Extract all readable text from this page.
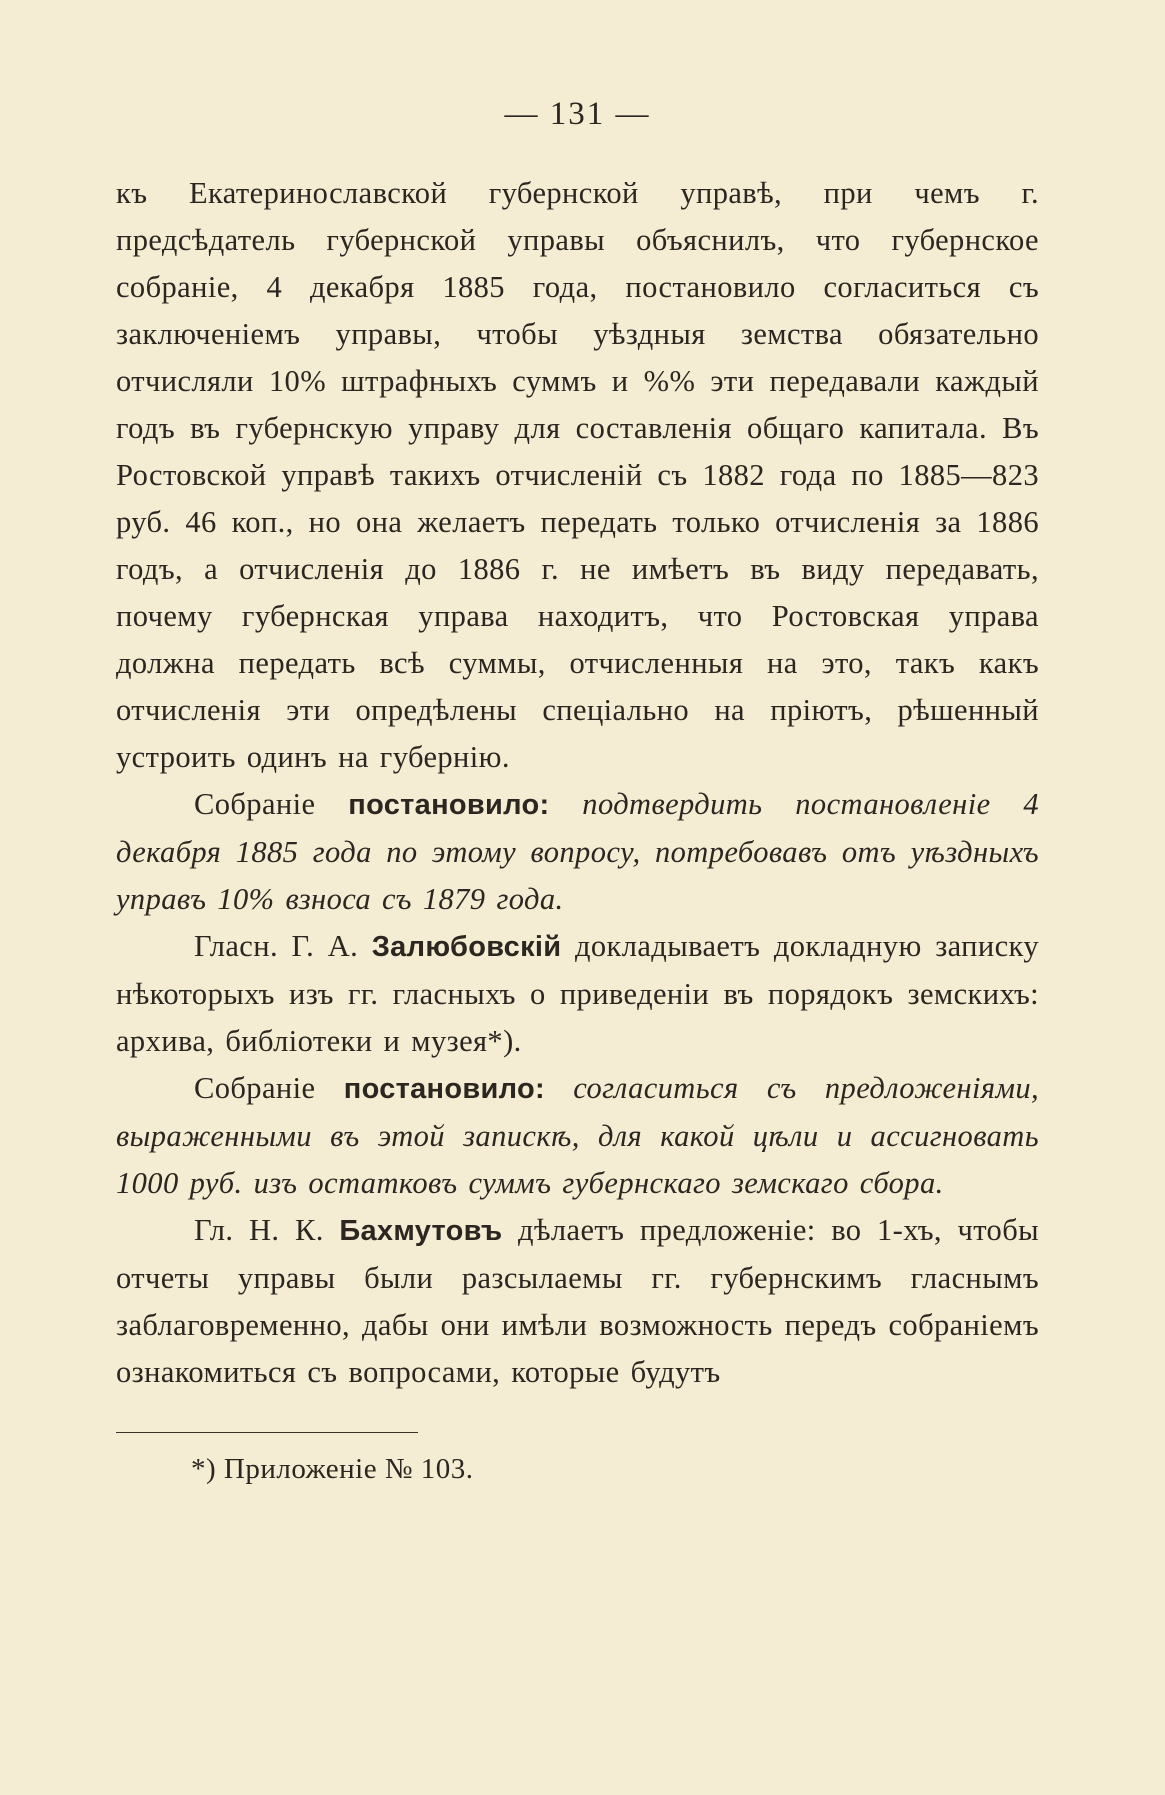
— 131 —

къ Екатеринославской губернской управѣ, при чемъ г. предсѣдатель губернской управы объяснилъ, что губернское собраніе, 4 декабря 1885 года, постановило согласиться съ заключеніемъ управы, чтобы уѣздныя земства обязательно отчисляли 10% штрафныхъ суммъ и %% эти передавали каждый годъ въ губернскую управу для составленія общаго капитала. Въ Ростовской управѣ такихъ отчисленій съ 1882 года по 1885—823 руб. 46 коп., но она желаетъ передать только отчисленія за 1886 годъ, а отчисленія до 1886 г. не имѣетъ въ виду передавать, почему губернская управа находитъ, что Ростовская управа должна передать всѣ суммы, отчисленныя на это, такъ какъ отчисленія эти опредѣлены спеціально на пріютъ, рѣшенный устроить одинъ на губернію.

Собраніе постановило: подтвердить постановленіе 4 декабря 1885 года по этому вопросу, потребовавъ отъ уѣздныхъ управъ 10% взноса съ 1879 года.

Гласн. Г. А. Залюбовскій докладываетъ докладную записку нѣкоторыхъ изъ гг. гласныхъ о приведеніи въ порядокъ земскихъ: архива, библіотеки и музея*).

Собраніе постановило: согласиться съ предложеніями, выраженными въ этой запискѣ, для какой цѣли и ассигновать 1000 руб. изъ остатковъ суммъ губернскаго земскаго сбора.

Гл. Н. К. Бахмутовъ дѣлаетъ предложеніе: во 1-хъ, чтобы отчеты управы были разсылаемы гг. губернскимъ гласнымъ заблаговременно, дабы они имѣли возможность передъ собраніемъ ознакомиться съ вопросами, которые будутъ

*) Приложеніе № 103.
